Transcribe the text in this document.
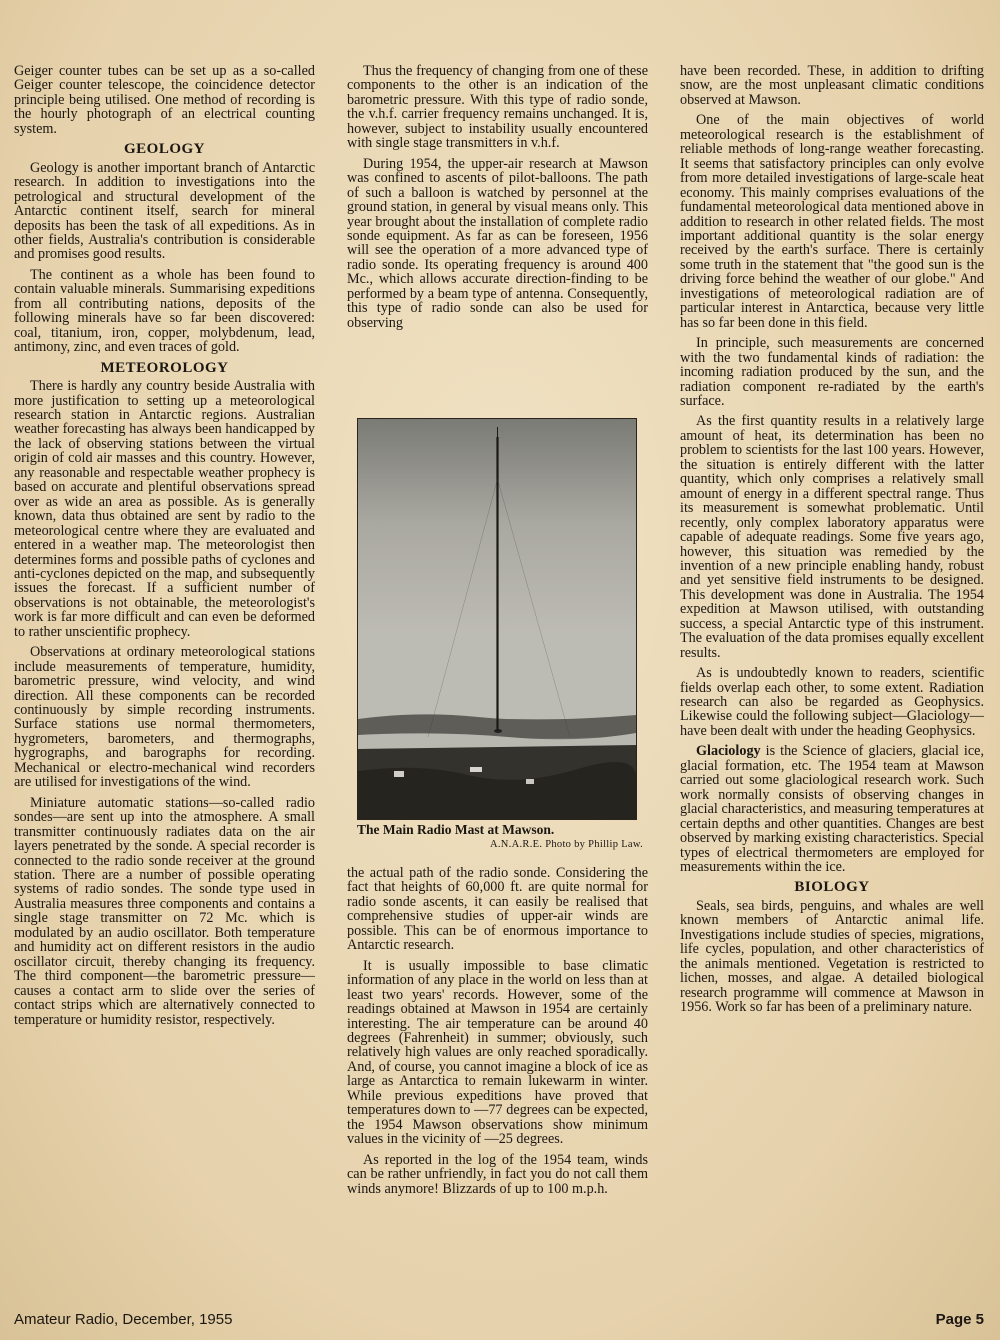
Geiger counter tubes can be set up as a so-called Geiger counter telescope, the coincidence detector principle being utilised. One method of recording is the hourly photograph of an electrical counting system.

GEOLOGY

Geology is another important branch of Antarctic research. In addition to investigations into the petrological and structural development of the Antarctic continent itself, search for mineral deposits has been the task of all expeditions. As in other fields, Australia's contribution is considerable and promises good results.

The continent as a whole has been found to contain valuable minerals. Summarising expeditions from all contributing nations, deposits of the following minerals have so far been discovered: coal, titanium, iron, copper, molybdenum, lead, antimony, zinc, and even traces of gold.

METEOROLOGY

There is hardly any country beside Australia with more justification to setting up a meteorological research station in Antarctic regions. Australian weather forecasting has always been handicapped by the lack of observing stations between the virtual origin of cold air masses and this country. However, any reasonable and respectable weather prophecy is based on accurate and plentiful observations spread over as wide an area as possible. As is generally known, data thus obtained are sent by radio to the meteorological centre where they are evaluated and entered in a weather map. The meteorologist then determines forms and possible paths of cyclones and anti-cyclones depicted on the map, and subsequently issues the forecast. If a sufficient number of observations is not obtainable, the meteorologist's work is far more difficult and can even be deformed to rather unscientific prophecy.

Observations at ordinary meteorological stations include measurements of temperature, humidity, barometric pressure, wind velocity, and wind direction. All these components can be recorded continuously by simple recording instruments. Surface stations use normal thermometers, hygrometers, barometers, and thermographs, hygrographs, and barographs for recording. Mechanical or electro-mechanical wind recorders are utilised for investigations of the wind.

Miniature automatic stations—so-called radio sondes—are sent up into the atmosphere. A small transmitter continuously radiates data on the air layers penetrated by the sonde. A special recorder is connected to the radio sonde receiver at the ground station. There are a number of possible operating systems of radio sondes. The sonde type used in Australia measures three components and contains a single stage transmitter on 72 Mc. which is modulated by an audio oscillator. Both temperature and humidity act on different resistors in the audio oscillator circuit, thereby changing its frequency. The third component—the barometric pressure—causes a contact arm to slide over the series of contact strips which are alternatively connected to temperature or humidity resistor, respectively.

Thus the frequency of changing from one of these components to the other is an indication of the barometric pressure. With this type of radio sonde, the v.h.f. carrier frequency remains unchanged. It is, however, subject to instability usually encountered with single stage transmitters in v.h.f.

During 1954, the upper-air research at Mawson was confined to ascents of pilot-balloons. The path of such a balloon is watched by personnel at the ground station, in general by visual means only. This year brought about the installation of complete radio sonde equipment. As far as can be foreseen, 1956 will see the operation of a more advanced type of radio sonde. Its operating frequency is around 400 Mc., which allows accurate direction-finding to be performed by a beam type of antenna. Consequently, this type of radio sonde can also be used for observing

The Main Radio Mast at Mawson.
A.N.A.R.E. Photo by Phillip Law.

the actual path of the radio sonde. Considering the fact that heights of 60,000 ft. are quite normal for radio sonde ascents, it can easily be realised that comprehensive studies of upper-air winds are possible. This can be of enormous importance to Antarctic research.

It is usually impossible to base climatic information of any place in the world on less than at least two years' records. However, some of the readings obtained at Mawson in 1954 are certainly interesting. The air temperature can be around 40 degrees (Fahrenheit) in summer; obviously, such relatively high values are only reached sporadically. And, of course, you cannot imagine a block of ice as large as Antarctica to remain lukewarm in winter. While previous expeditions have proved that temperatures down to —77 degrees can be expected, the 1954 Mawson observations show minimum values in the vicinity of —25 degrees.

As reported in the log of the 1954 team, winds can be rather unfriendly, in fact you do not call them winds anymore! Blizzards of up to 100 m.p.h.

have been recorded. These, in addition to drifting snow, are the most unpleasant climatic conditions observed at Mawson.

One of the main objectives of world meteorological research is the establishment of reliable methods of long-range weather forecasting. It seems that satisfactory principles can only evolve from more detailed investigations of large-scale heat economy. This mainly comprises evaluations of the fundamental meteorological data mentioned above in addition to research in other related fields. The most important additional quantity is the solar energy received by the earth's surface. There is certainly some truth in the statement that "the good sun is the driving force behind the weather of our globe." And investigations of meteorological radiation are of particular interest in Antarctica, because very little has so far been done in this field.

In principle, such measurements are concerned with the two fundamental kinds of radiation: the incoming radiation produced by the sun, and the radiation component re-radiated by the earth's surface.

As the first quantity results in a relatively large amount of heat, its determination has been no problem to scientists for the last 100 years. However, the situation is entirely different with the latter quantity, which only comprises a relatively small amount of energy in a different spectral range. Thus its measurement is somewhat problematic. Until recently, only complex laboratory apparatus were capable of adequate readings. Some five years ago, however, this situation was remedied by the invention of a new principle enabling handy, robust and yet sensitive field instruments to be designed. This development was done in Australia. The 1954 expedition at Mawson utilised, with outstanding success, a special Antarctic type of this instrument. The evaluation of the data promises equally excellent results.

As is undoubtedly known to readers, scientific fields overlap each other, to some extent. Radiation research can also be regarded as Geophysics. Likewise could the following subject—Glaciology—have been dealt with under the heading Geophysics.

Glaciology is the Science of glaciers, glacial ice, glacial formation, etc. The 1954 team at Mawson carried out some glaciological research work. Such work normally consists of observing changes in glacial characteristics, and measuring temperatures at certain depths and other quantities. Changes are best observed by marking existing characteristics. Special types of electrical thermometers are employed for measurements within the ice.

BIOLOGY

Seals, sea birds, penguins, and whales are well known members of Antarctic animal life. Investigations include studies of species, migrations, life cycles, population, and other characteristics of the animals mentioned. Vegetation is restricted to lichen, mosses, and algae. A detailed biological research programme will commence at Mawson in 1956. Work so far has been of a preliminary nature.

Amateur Radio, December, 1955	Page 5
